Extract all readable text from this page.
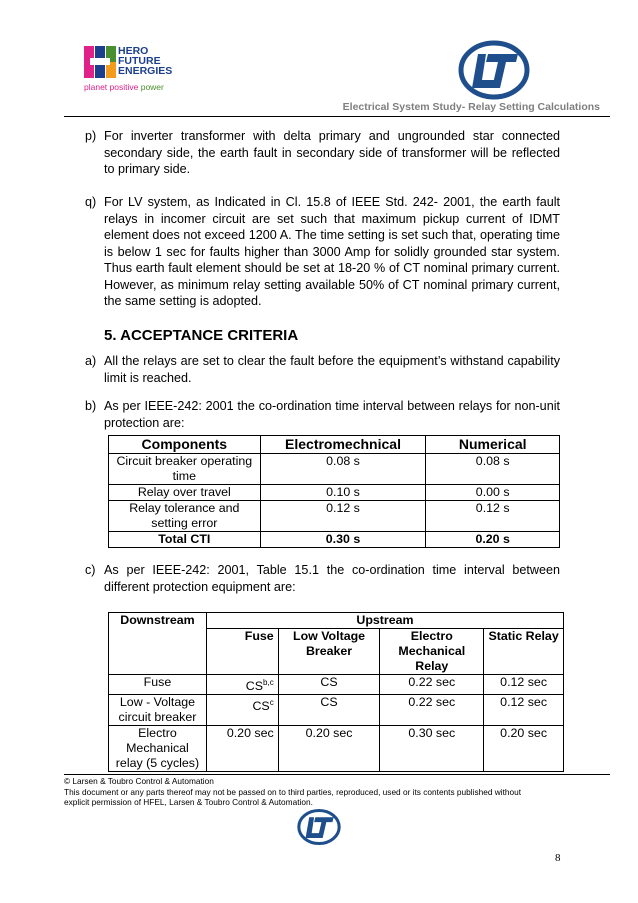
HERO
FUTURE
ENERGIES
planet positive power
Electrical System Study- Relay Setting Calculations
p) For inverter transformer with delta primary and ungrounded star connected secondary side, the earth fault in secondary side of transformer will be reflected to primary side.
q) For LV system, as Indicated in Cl. 15.8 of IEEE Std. 242- 2001, the earth fault relays in incomer circuit are set such that maximum pickup current of IDMT element does not exceed 1200 A. The time setting is set such that, operating time is below 1 sec for faults higher than 3000 Amp for solidly grounded star system. Thus earth fault element should be set at 18-20 % of CT nominal primary current. However, as minimum relay setting available 50% of CT nominal primary current, the same setting is adopted.
5. ACCEPTANCE CRITERIA
a) All the relays are set to clear the fault before the equipment’s withstand capability limit is reached.
b) As per IEEE-242: 2001 the co-ordination time interval between relays for non-unit protection are:
Components	Electromechnical	Numerical
Circuit breaker operating time	0.08 s	0.08 s
Relay over travel	0.10 s	0.00 s
Relay tolerance and setting error	0.12 s	0.12 s
Total CTI	0.30 s	0.20 s
c) As per IEEE-242: 2001, Table 15.1 the co-ordination time interval between different protection equipment are:
Downstream	Upstream			
	Fuse	Low Voltage Breaker	Electro Mechanical Relay	Static Relay
Fuse	CS$^{b,c}$	CS	0.22 sec	0.12 sec
Low - Voltage circuit breaker	$CS^c$	CS	0.22 sec	0.12 sec
Electro Mechanical relay (5 cycles)	0.20 sec	0.20 sec	0.30 sec	0.20 sec
© Larsen & Toubro Control & Automation
This document or any parts thereof may not be passed on to third parties, reproduced, used or its contents published without
explicit permission of HFEL, Larsen & Toubro Control & Automation.
8
